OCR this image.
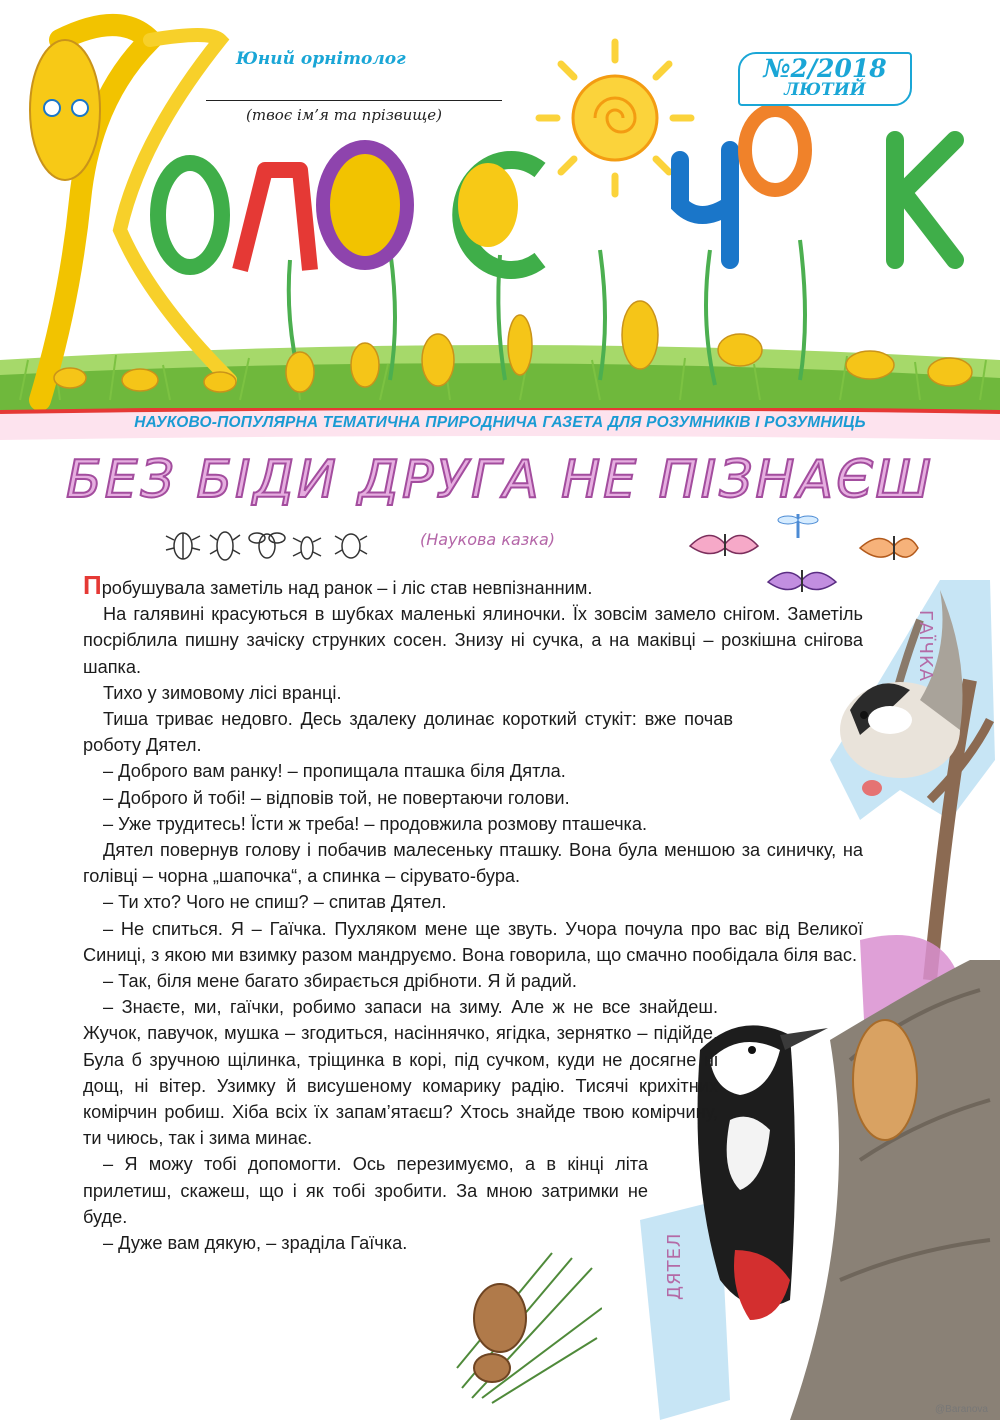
Юний орнітолог
(твоє ім’я та прізвище)
№2/2018
ЛЮТИЙ
НАУКОВО-ПОПУЛЯРНА ТЕМАТИЧНА ПРИРОДНИЧА ГАЗЕТА ДЛЯ РОЗУМНИКІВ І РОЗУМНИЦЬ
БЕЗ БІДИ ДРУГА НЕ ПІЗНАЄШ
(Наукова казка)
ГАЇЧКА
ДЯТЕЛ

Пробушувала заметіль над ранок – і ліс став невпізнанним.

На галявині красуються в шубках маленькі ялиночки. Їх зовсім замело снігом. Заметіль посріблила пишну зачіску струнких сосен. Знизу ні сучка, а на маківці – розкішна снігова шапка.

Тихо у зимовому лісі вранці.

Тиша триває недовго. Десь здалеку долинає короткий стукіт: вже почав роботу Дятел.

– Доброго вам ранку! – пропищала пташка біля Дятла.

– Доброго й тобі! – відповів той, не повертаючи голови.

– Уже трудитесь! Їсти ж треба! – продовжила розмову пташечка.

Дятел повернув голову і побачив малесеньку пташку. Вона була меншою за синичку, на голівці – чорна „шапочка“, а спинка – сірувато-бура.

– Ти хто? Чого не спиш? – спитав Дятел.

– Не спиться. Я – Гаїчка. Пухляком мене ще звуть. Учора почула про вас від Великої Синиці, з якою ми взимку разом мандруємо. Вона говорила, що смачно пообідала біля вас.

– Так, біля мене багато збирається дрібноти. Я й радий.

– Знаєте, ми, гаїчки, робимо запаси на зиму. Але ж не все знайдеш. Жучок, павучок, мушка – згодиться, насіннячко, ягідка, зернятко – підійде. Була б зручною щілинка, тріщинка в корі, під сучком, куди не досягне ні дощ, ні вітер. Узимку й висушеному комарику радію. Тисячі крихітних комірчин робиш. Хіба всіх їх запам’ятаєш? Хтось знайде твою комірчину, ти чиюсь, так і зима минає.

– Я можу тобі допомогти. Ось перезимуємо, а в кінці літа прилетиш, скажеш, що і як тобі зробити. За мною затримки не буде.

– Дуже вам дякую, – зраділа Гаїчка.

@Baranovа
